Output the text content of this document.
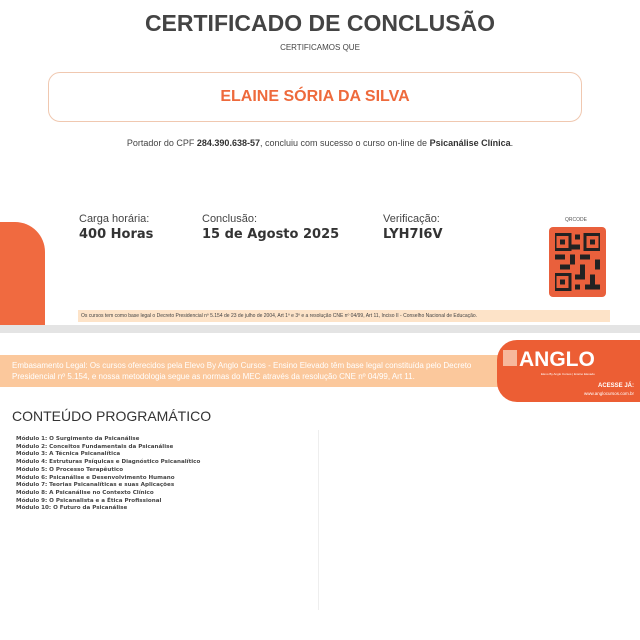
CERTIFICADO DE CONCLUSÃO
CERTIFICAMOS QUE
ELAINE SÓRIA DA SILVA
Portador do CPF 284.390.638-57, concluiu com sucesso o curso on-line de Psicanálise Clínica.
Carga horária:
400 Horas
Conclusão:
15 de Agosto 2025
Verificação:
LYH7I6V
QRCODE
Os cursos tem como base legal o Decreto Presidencial nº 5.154 de 23 de julho de 2004, Art 1º e 3º e a resolução CNE nº 04/99, Art 11, Inciso II - Conselho Nacional de Educação.
Embasamento Legal: Os cursos oferecidos pela Elevo By Anglo Cursos - Ensino Elevado têm base legal constituída pelo Decreto Presidencial nº 5.154, e nossa metodologia segue as normas do MEC através da resolução CNE nº 04/99, Art 11.
ANGLO
Elevo By Anglo Cursos | Ensino Elevado
ACESSE JÁ:
www.anglocursos.com.br
CONTEÚDO PROGRAMÁTICO
Módulo 1: O Surgimento da Psicanálise
Módulo 2: Conceitos Fundamentais da Psicanálise
Módulo 3: A Técnica Psicanalítica
Módulo 4: Estruturas Psíquicas e Diagnóstico Psicanalítico
Módulo 5: O Processo Terapêutico
Módulo 6: Psicanálise e Desenvolvimento Humano
Módulo 7: Teorias Psicanalíticas e suas Aplicações
Módulo 8: A Psicanálise no Contexto Clínico
Módulo 9: O Psicanalista e a Ética Profissional
Módulo 10: O Futuro da Psicanálise
